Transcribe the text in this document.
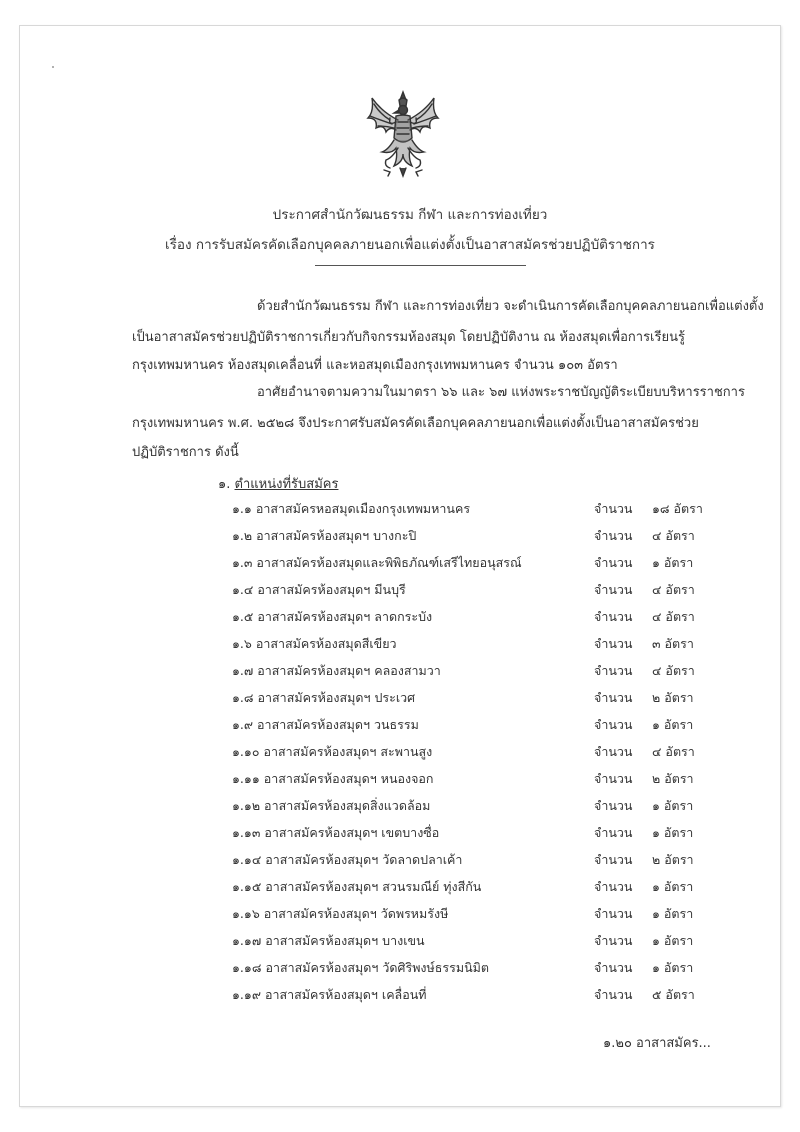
ประกาศสำนักวัฒนธรรม กีฬา และการท่องเที่ยว
เรื่อง การรับสมัครคัดเลือกบุคคลภายนอกเพื่อแต่งตั้งเป็นอาสาสมัครช่วยปฏิบัติราชการ
ด้วยสำนักวัฒนธรรม กีฬา และการท่องเที่ยว จะดำเนินการคัดเลือกบุคคลภายนอกเพื่อแต่งตั้ง
เป็นอาสาสมัครช่วยปฏิบัติราชการเกี่ยวกับกิจกรรมห้องสมุด โดยปฏิบัติงาน ณ ห้องสมุดเพื่อการเรียนรู้
กรุงเทพมหานคร ห้องสมุดเคลื่อนที่ และหอสมุดเมืองกรุงเทพมหานคร จำนวน ๑๐๓ อัตรา
อาศัยอำนาจตามความในมาตรา ๖๖ และ ๖๗ แห่งพระราชบัญญัติระเบียบบริหารราชการ
กรุงเทพมหานคร พ.ศ. ๒๕๒๘ จึงประกาศรับสมัครคัดเลือกบุคคลภายนอกเพื่อแต่งตั้งเป็นอาสาสมัครช่วย
ปฏิบัติราชการ ดังนี้
๑. ตำแหน่งที่รับสมัคร
๑.๑ อาสาสมัครหอสมุดเมืองกรุงเทพมหานคร	จำนวน ๑๘ อัตรา
๑.๒ อาสาสมัครห้องสมุดฯ บางกะปิ	จำนวน ๔ อัตรา
๑.๓ อาสาสมัครห้องสมุดและพิพิธภัณฑ์เสรีไทยอนุสรณ์	จำนวน ๑ อัตรา
๑.๔ อาสาสมัครห้องสมุดฯ มีนบุรี	จำนวน ๔ อัตรา
๑.๕ อาสาสมัครห้องสมุดฯ ลาดกระบัง	จำนวน ๔ อัตรา
๑.๖ อาสาสมัครห้องสมุดสีเขียว	จำนวน ๓ อัตรา
๑.๗ อาสาสมัครห้องสมุดฯ คลองสามวา	จำนวน ๔ อัตรา
๑.๘ อาสาสมัครห้องสมุดฯ ประเวศ	จำนวน ๒ อัตรา
๑.๙ อาสาสมัครห้องสมุดฯ วนธรรม	จำนวน ๑ อัตรา
๑.๑๐ อาสาสมัครห้องสมุดฯ สะพานสูง	จำนวน ๔ อัตรา
๑.๑๑ อาสาสมัครห้องสมุดฯ หนองจอก	จำนวน ๒ อัตรา
๑.๑๒ อาสาสมัครห้องสมุดสิ่งแวดล้อม	จำนวน ๑ อัตรา
๑.๑๓ อาสาสมัครห้องสมุดฯ เขตบางซื่อ	จำนวน ๑ อัตรา
๑.๑๔ อาสาสมัครห้องสมุดฯ วัดลาดปลาเค้า	จำนวน ๒ อัตรา
๑.๑๕ อาสาสมัครห้องสมุดฯ สวนรมณีย์ ทุ่งสีกัน	จำนวน ๑ อัตรา
๑.๑๖ อาสาสมัครห้องสมุดฯ วัดพรหมรังษี	จำนวน ๑ อัตรา
๑.๑๗ อาสาสมัครห้องสมุดฯ บางเขน	จำนวน ๑ อัตรา
๑.๑๘ อาสาสมัครห้องสมุดฯ วัดศิริพงษ์ธรรมนิมิต	จำนวน ๑ อัตรา
๑.๑๙ อาสาสมัครห้องสมุดฯ เคลื่อนที่	จำนวน ๕ อัตรา
๑.๒๐ อาสาสมัคร...
